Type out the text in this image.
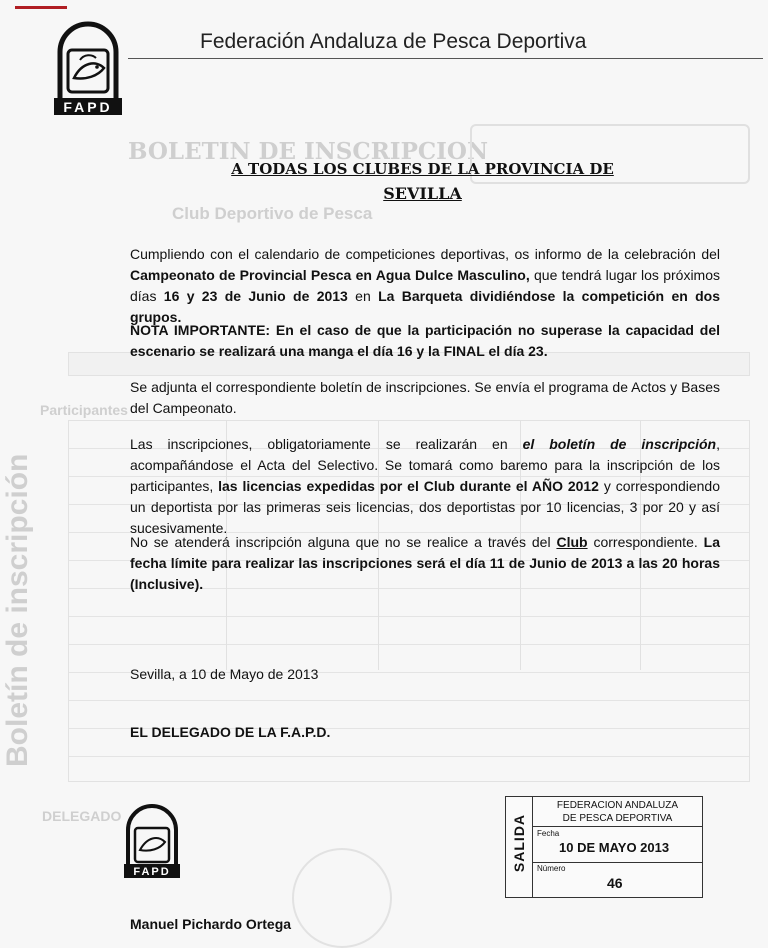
BOLETIN DE INSCRIPCION
Club Deportivo de Pesca
Boletín de inscripción
Participantes
DELEGADO
FAPD
Federación Andaluza de Pesca Deportiva
A TODAS LOS CLUBES DE LA PROVINCIA DE
SEVILLA
Cumpliendo con el calendario de competiciones deportivas, os informo de la celebración del Campeonato de Provincial Pesca en Agua Dulce Masculino, que tendrá lugar los próximos días 16 y 23 de Junio de 2013 en La Barqueta dividiéndose la competición en dos grupos.
NOTA IMPORTANTE: En el caso de que la participación no superase la capacidad del escenario se realizará una manga el día 16 y la FINAL el día 23.
Se adjunta el correspondiente boletín de inscripciones. Se envía el programa de Actos y Bases del Campeonato.
Las inscripciones, obligatoriamente se realizarán en el boletín de inscripción, acompañándose el Acta del Selectivo. Se tomará como baremo para la inscripción de los participantes, las licencias expedidas por el Club durante el AÑO 2012 y correspondiendo un deportista por las primeras seis licencias, dos deportistas por 10 licencias, 3 por 20 y así sucesivamente.
No se atenderá inscripción alguna que no se realice a través del Club correspondiente. La fecha límite para realizar las inscripciones será el día 11 de Junio de 2013 a las 20 horas (Inclusive).
Sevilla, a 10 de Mayo de 2013
EL DELEGADO DE LA F.A.P.D.
FAPD
Manuel Pichardo Ortega
SALIDA
FEDERACION ANDALUZA
DE PESCA DEPORTIVA
Fecha
10 DE MAYO 2013
Número
46
